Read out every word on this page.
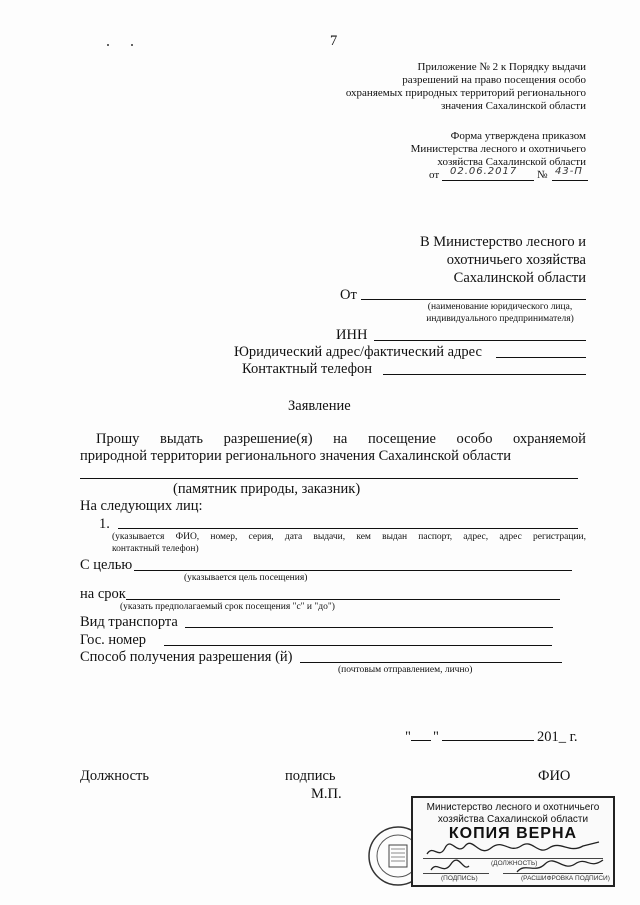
7
Приложение № 2 к Порядку выдачи
разрешений на право посещения особо
охраняемых природных территорий регионального
значения Сахалинской области
Форма утверждена приказом
Министерства лесного и охотничьего
хозяйства Сахалинской области
от 02.06.2017 № 43-П
В Министерство лесного и
охотничьего хозяйства
Сахалинской области
От
(наименование юридического лица,
индивидуального предпринимателя)
ИНН
Юридический адрес/фактический адрес
Контактный телефон
Заявление
Прошу выдать разрешение(я) на посещение особо охраняемой
природной территории регионального значения Сахалинской области
(памятник природы, заказник)
На следующих лиц:
1.
(указывается ФИО, номер, серия, дата выдачи, кем выдан паспорт, адрес, адрес регистрации,
контактный телефон)
С целью
(указывается цель посещения)
на срок
(указать предполагаемый срок посещения "с" и "до")
Вид транспорта
Гос. номер
Способ получения разрешения (й)
(почтовым отправлением, лично)
" "	201_ г.
Должность	подпись
М.П.
ФИО
Министерство лесного и охотничьего
хозяйства Сахалинской области
КОПИЯ ВЕРНА
(ДОЛЖНОСТЬ)
(ПОДПИСЬ)	(РАСШИФРОВКА ПОДПИСИ)
